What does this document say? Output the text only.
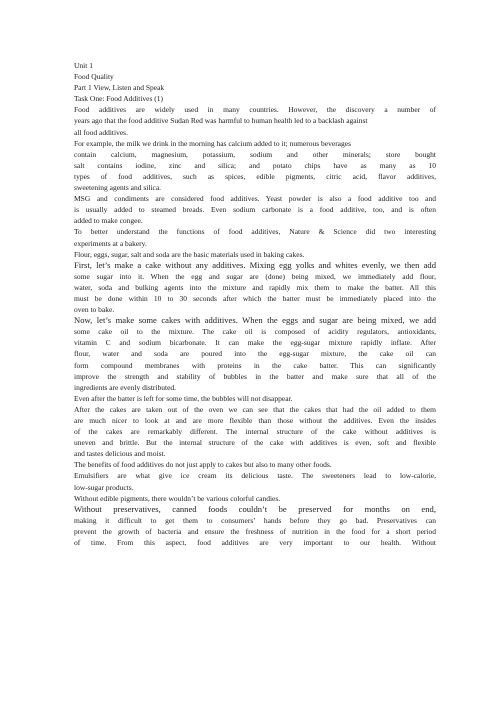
Unit 1
Food Quality
Part 1 View, Listen and Speak
Task One: Food Additives (1)
Food additives are widely used in many countries. However, the discovery a number of
years ago that the food additive Sudan Red was harmful to human health led to a backlash against
all food additives.
For example, the milk we drink in the morning has calcium added to it; numerous beverages
contain calcium, magnesium, potassium, sodium and other minerals; store bought
salt contains iodine, zinc and silica; and potato chips have as many as 10
types of food additives, such as spices, edible pigments, citric acid, flavor additives,
sweetening agents and silica.
MSG and condiments are considered food additives. Yeast powder is also a food additive too and
is usually added to steamed breads. Even sodium carbonate is a food additive, too, and is often
added to make congee.
To better understand the functions of food additives, Nature & Science did two interesting
experiments at a bakery.
Flour, eggs, sugar, salt and soda are the basic materials used in baking cakes.
First, let’s make a cake without any additives. Mixing egg yolks and whites evenly, we then add
some sugar into it. When the egg and sugar are (done) being mixed, we immediately add flour,
water, soda and bulking agents into the mixture and rapidly mix them to make the batter. All this
must be done within 10 to 30 seconds after which the batter must be immediately placed into the
oven to bake.
Now, let’s make some cakes with additives. When the eggs and sugar are being mixed, we add
some cake oil to the mixture. The cake oil is composed of acidity regulators, antioxidants,
vitamin C and sodium bicarbonate. It can make the egg-sugar mixture rapidly inflate. After
flour, water and soda are poured into the egg-sugar mixture, the cake oil can
form compound membranes with proteins in the cake batter. This can significantly
improve the strength and stability of bubbles in the batter and make sure that all of the
ingredients are evenly distributed.
Even after the batter is left for some time, the bubbles will not disappear.
After the cakes are taken out of the oven we can see that the cakes that had the oil added to them
are much nicer to look at and are more flexible than those without the additives. Even the insides
of the cakes are remarkably different. The internal structure of the cake without additives is
uneven and brittle. But the internal structure of the cake with additives is even, soft and flexible
and tastes delicious and moist.
The benefits of food additives do not just apply to cakes but also to many other foods.
Emulsifiers are what give ice cream its delicious taste. The sweeteners lead to low-calorie,
low-sugar products.
Without edible pigments, there wouldn’t be various colorful candies.
Without preservatives, canned foods couldn’t be preserved for months on end,
making it difficult to get them to consumers’ hands before they go bad. Preservatives can
prevent the growth of bacteria and ensure the freshness of nutrition in the food for a short period
of time. From this aspect, food additives are very important to our health. Without
